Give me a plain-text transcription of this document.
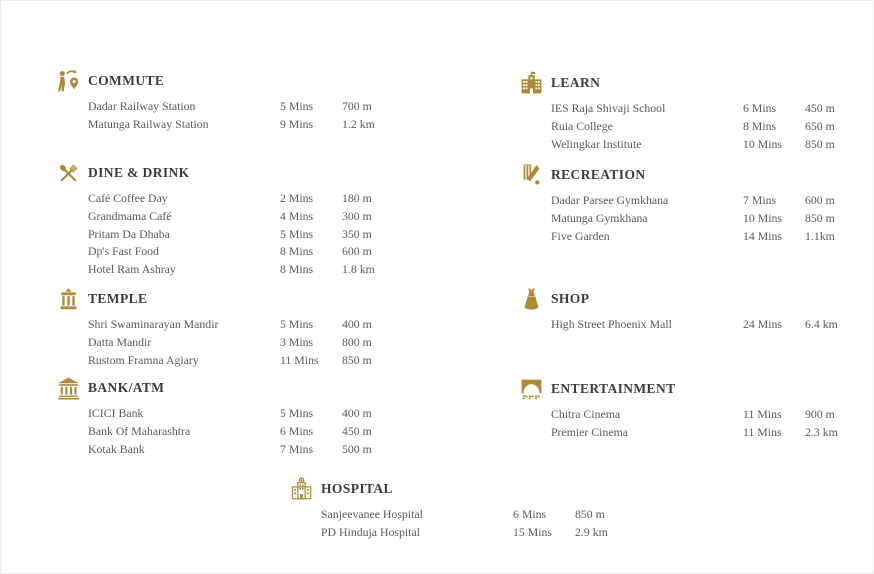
COMMUTE
Dadar Railway Station	5 Mins	700 m
Matunga Railway Station	9 Mins	1.2 km
DINE & DRINK
Café Coffee Day	2 Mins	180 m
Grandmama Café	4 Mins	300 m
Pritam Da Dhaba	5 Mins	350 m
Dp's Fast Food	8 Mins	600 m
Hotel Ram Ashray	8 Mins	1.8 km
TEMPLE
Shri Swaminarayan Mandir	5 Mins	400 m
Datta Mandir	3 Mins	800 m
Rustom Framna Agiary	11 Mins	850 m
BANK/ATM
ICICI Bank	5 Mins	400 m
Bank Of Maharashtra	6 Mins	450 m
Kotak Bank	7 Mins	500 m
LEARN
IES Raja Shivaji School	6 Mins	450 m
Ruia College	8 Mins	650 m
Welingkar Institute	10 Mins	850 m
RECREATION
Dadar Parsee Gymkhana	7 Mins	600 m
Matunga Gymkhana	10 Mins	850 m
Five Garden	14 Mins	1.1km
SHOP
High Street Phoenix Mall	24 Mins	6.4 km
ENTERTAINMENT
Chitra Cinema	11 Mins	900 m
Premier Cinema	11 Mins	2.3 km
HOSPITAL
Sanjeevanee Hospital	6 Mins	850 m
PD Hinduja Hospital	15 Mins	2.9 km
